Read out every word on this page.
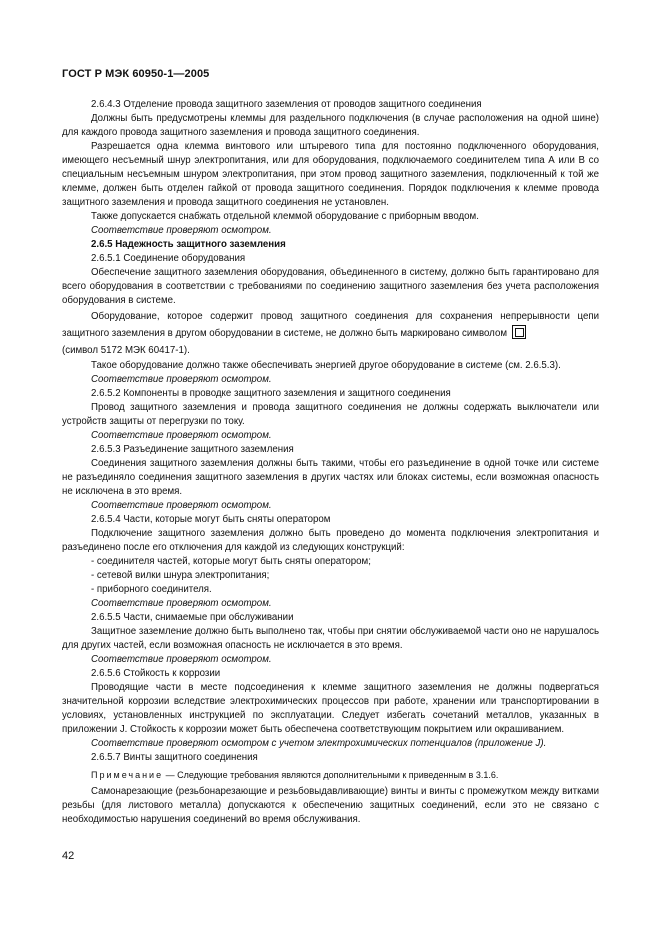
ГОСТ Р МЭК 60950-1—2005

2.6.4.3 Отделение провода защитного заземления от проводов защитного соединения

Должны быть предусмотрены клеммы для раздельного подключения (в случае расположения на одной шине) для каждого провода защитного заземления и провода защитного соединения.

Разрешается одна клемма винтового или штыревого типа для постоянно подключенного оборудования, имеющего несъемный шнур электропитания, или для оборудования, подключаемого соединителем типа А или В со специальным несъемным шнуром электропитания, при этом провод защитного заземления, подключенный к той же клемме, должен быть отделен гайкой от провода защитного соединения. Порядок подключения к клемме провода защитного заземления и провода защитного соединения не установлен.

Также допускается снабжать отдельной клеммой оборудование с приборным вводом.

Соответствие проверяют осмотром.

2.6.5 Надежность защитного заземления

2.6.5.1 Соединение оборудования

Обеспечение защитного заземления оборудования, объединенного в систему, должно быть гарантировано для всего оборудования в соответствии с требованиями по соединению защитного заземления без учета расположения оборудования в системе.

Оборудование, которое содержит провод защитного соединения для сохранения непрерывности цепи защитного заземления в другом оборудовании в системе, не должно быть маркировано символом

(символ 5172 МЭК 60417-1).

Такое оборудование должно также обеспечивать энергией другое оборудование в системе (см. 2.6.5.3).

Соответствие проверяют осмотром.

2.6.5.2 Компоненты в проводке защитного заземления и защитного соединения

Провод защитного заземления и провода защитного соединения не должны содержать выключатели или устройств защиты от перегрузки по току.

Соответствие проверяют осмотром.

2.6.5.3 Разъединение защитного заземления

Соединения защитного заземления должны быть такими, чтобы его разъединение в одной точке или системе не разъединяло соединения защитного заземления в других частях или блоках системы, если возможная опасность не исключена в это время.

Соответствие проверяют осмотром.

2.6.5.4 Части, которые могут быть сняты оператором

Подключение защитного заземления должно быть проведено до момента подключения электропитания и разъединено после его отключения для каждой из следующих конструкций:

- соединителя частей, которые могут быть сняты оператором;

- сетевой вилки шнура электропитания;

- приборного соединителя.

Соответствие проверяют осмотром.

2.6.5.5 Части, снимаемые при обслуживании

Защитное заземление должно быть выполнено так, чтобы при снятии обслуживаемой части оно не нарушалось для других частей, если возможная опасность не исключается в это время.

Соответствие проверяют осмотром.

2.6.5.6 Стойкость к коррозии

Проводящие части в месте подсоединения к клемме защитного заземления не должны подвергаться значительной коррозии вследствие электрохимических процессов при работе, хранении или транспортировании в условиях, установленных инструкцией по эксплуатации. Следует избегать сочетаний металлов, указанных в приложении J. Стойкость к коррозии может быть обеспечена соответствующим покрытием или окрашиванием.

Соответствие проверяют осмотром с учетом электрохимических потенциалов (приложение J).

2.6.5.7 Винты защитного соединения

Примечание — Следующие требования являются дополнительными к приведенным в 3.1.6.

Самонарезающие (резьбонарезающие и резьбовыдавливающие) винты и винты с промежутком между витками резьбы (для листового металла) допускаются к обеспечению защитных соединений, если это не связано с необходимостью нарушения соединений во время обслуживания.

42
